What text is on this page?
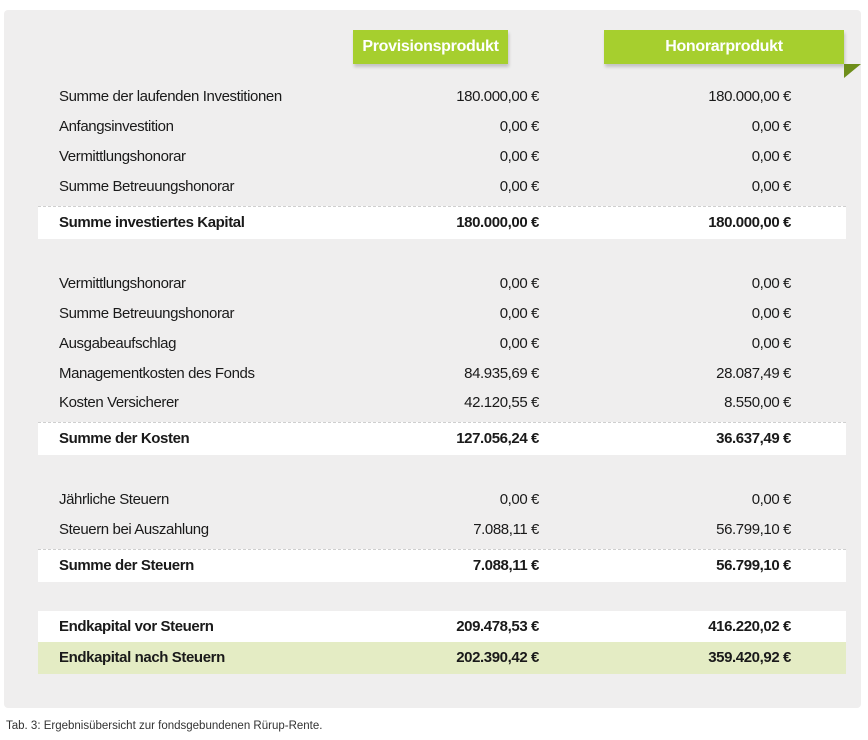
Provisionsprodukt	Honorarprodukt
Summe der laufenden Investitionen	180.000,00 €	180.000,00 €
Anfangsinvestition	0,00 €	0,00 €
Vermittlungshonorar	0,00 €	0,00 €
Summe Betreuungshonorar	0,00 €	0,00 €
Summe investiertes Kapital	180.000,00 €	180.000,00 €
Vermittlungshonorar	0,00 €	0,00 €
Summe Betreuungshonorar	0,00 €	0,00 €
Ausgabeaufschlag	0,00 €	0,00 €
Managementkosten des Fonds	84.935,69 €	28.087,49 €
Kosten Versicherer	42.120,55 €	8.550,00 €
Summe der Kosten	127.056,24 €	36.637,49 €
Jährliche Steuern	0,00 €	0,00 €
Steuern bei Auszahlung	7.088,11 €	56.799,10 €
Summe der Steuern	7.088,11 €	56.799,10 €
Endkapital vor Steuern	209.478,53 €	416.220,02 €
Endkapital nach Steuern	202.390,42 €	359.420,92 €
Tab. 3: Ergebnisübersicht zur fondsgebundenen Rürup-Rente.
